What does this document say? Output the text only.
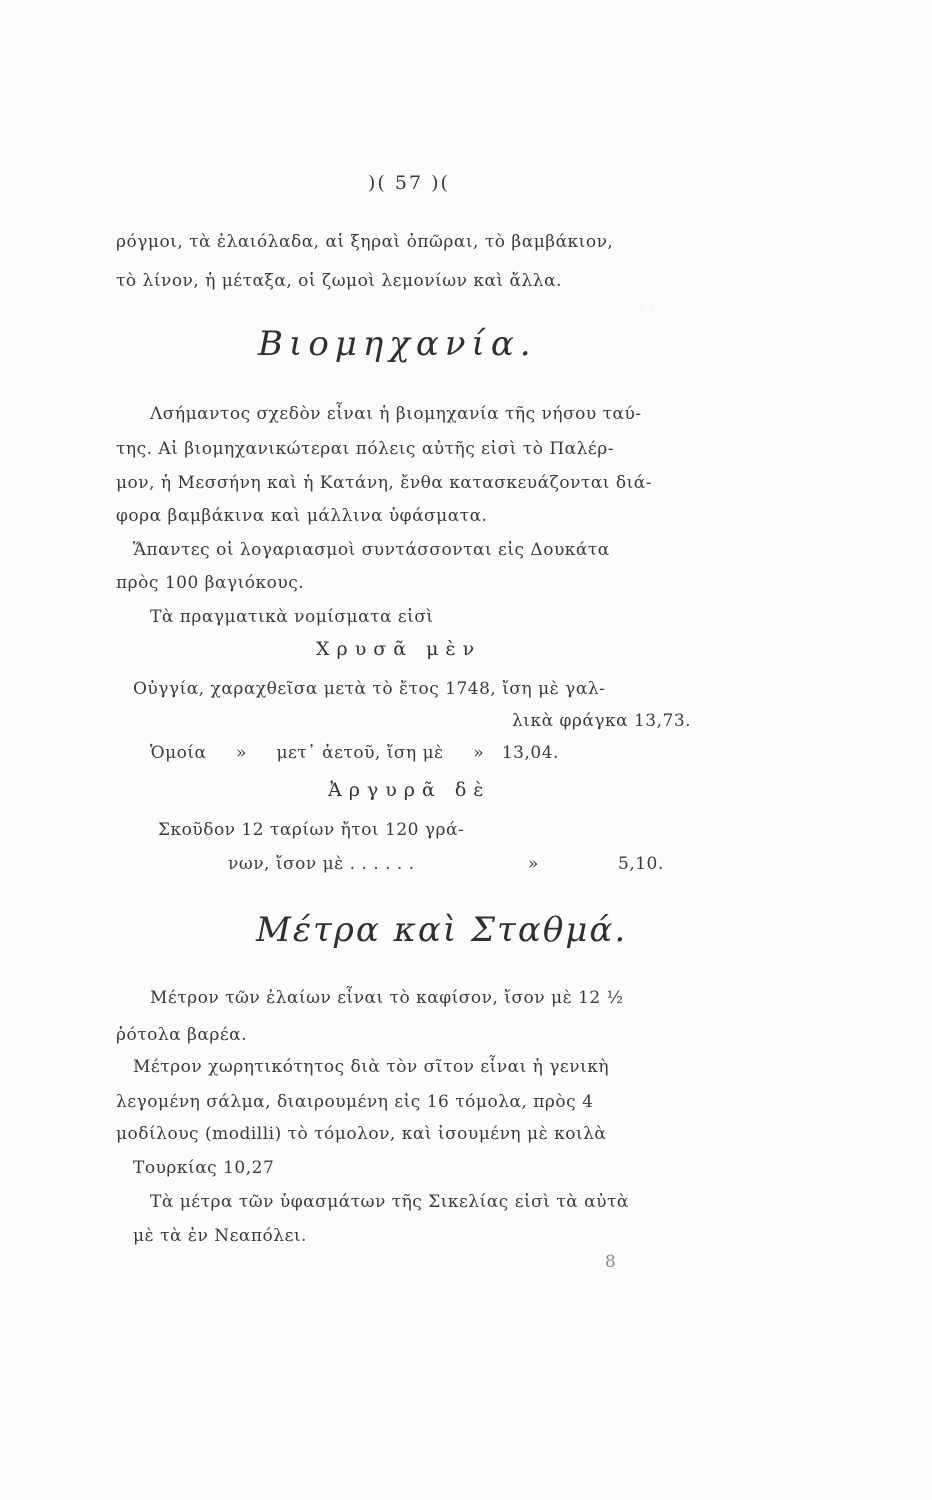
· · ·
)( 57 )(
ρόγμοι, τὰ ἐλαιόλαδα, αἱ ξηραὶ ὀπῶραι, τὸ βαμβάκιον,
τὸ λίνον, ἡ μέταξα, οἱ ζωμοὶ λεμονίων καὶ ἄλλα.
Βιομηχανία.
Λσήμαντος σχεδὸν εἶναι ἡ βιομηχανία τῆς νήσου ταύ-
της. Αἱ βιομηχανικώτεραι πόλεις αὐτῆς εἰσὶ τὸ Παλέρ-
μον, ἡ Μεσσήνη καὶ ἡ Κατάνη, ἔνθα κατασκευάζονται διά-
φορα βαμβάκινα καὶ μάλλινα ὑφάσματα.
Ἅπαντες οἱ λογαριασμοὶ συντάσσονται εἰς Δουκάτα
πρὸς 100 βαγιόκους.
Τὰ πραγματικὰ νομίσματα εἰσὶ
Χρυσᾶ μὲν
Οὐγγία, χαραχθεῖσα μετὰ τὸ ἔτος 1748, ἴση μὲ γαλ-
λικὰ φράγκα 13,73.
Ὁμοία     »     μετ᾽ ἀετοῦ, ἴση μὲ     »   13,04.
Ἀργυρᾶ δὲ
Σκοῦδον 12 ταρίων ἤτοι 120 γρά-
νων, ἴσον μὲ . . . . . .	»	5,10.
Μέτρα καὶ Σταθμά.
Μέτρον τῶν ἐλαίων εἶναι τὸ καφίσον, ἴσον μὲ 12 ½
ῥότολα βαρέα.
Μέτρον χωρητικότητος διὰ τὸν σῖτον εἶναι ἡ γενικὴ
λεγομένη σάλμα, διαιρουμένη εἰς 16 τόμολα, πρὸς 4
μοδίλους (modilli) τὸ τόμολον, καὶ ἰσουμένη μὲ κοιλὰ
Τουρκίας 10,27
Τὰ μέτρα τῶν ὑφασμάτων τῆς Σικελίας εἰσὶ τὰ αὐτὰ
μὲ τὰ ἐν Νεαπόλει.
8
